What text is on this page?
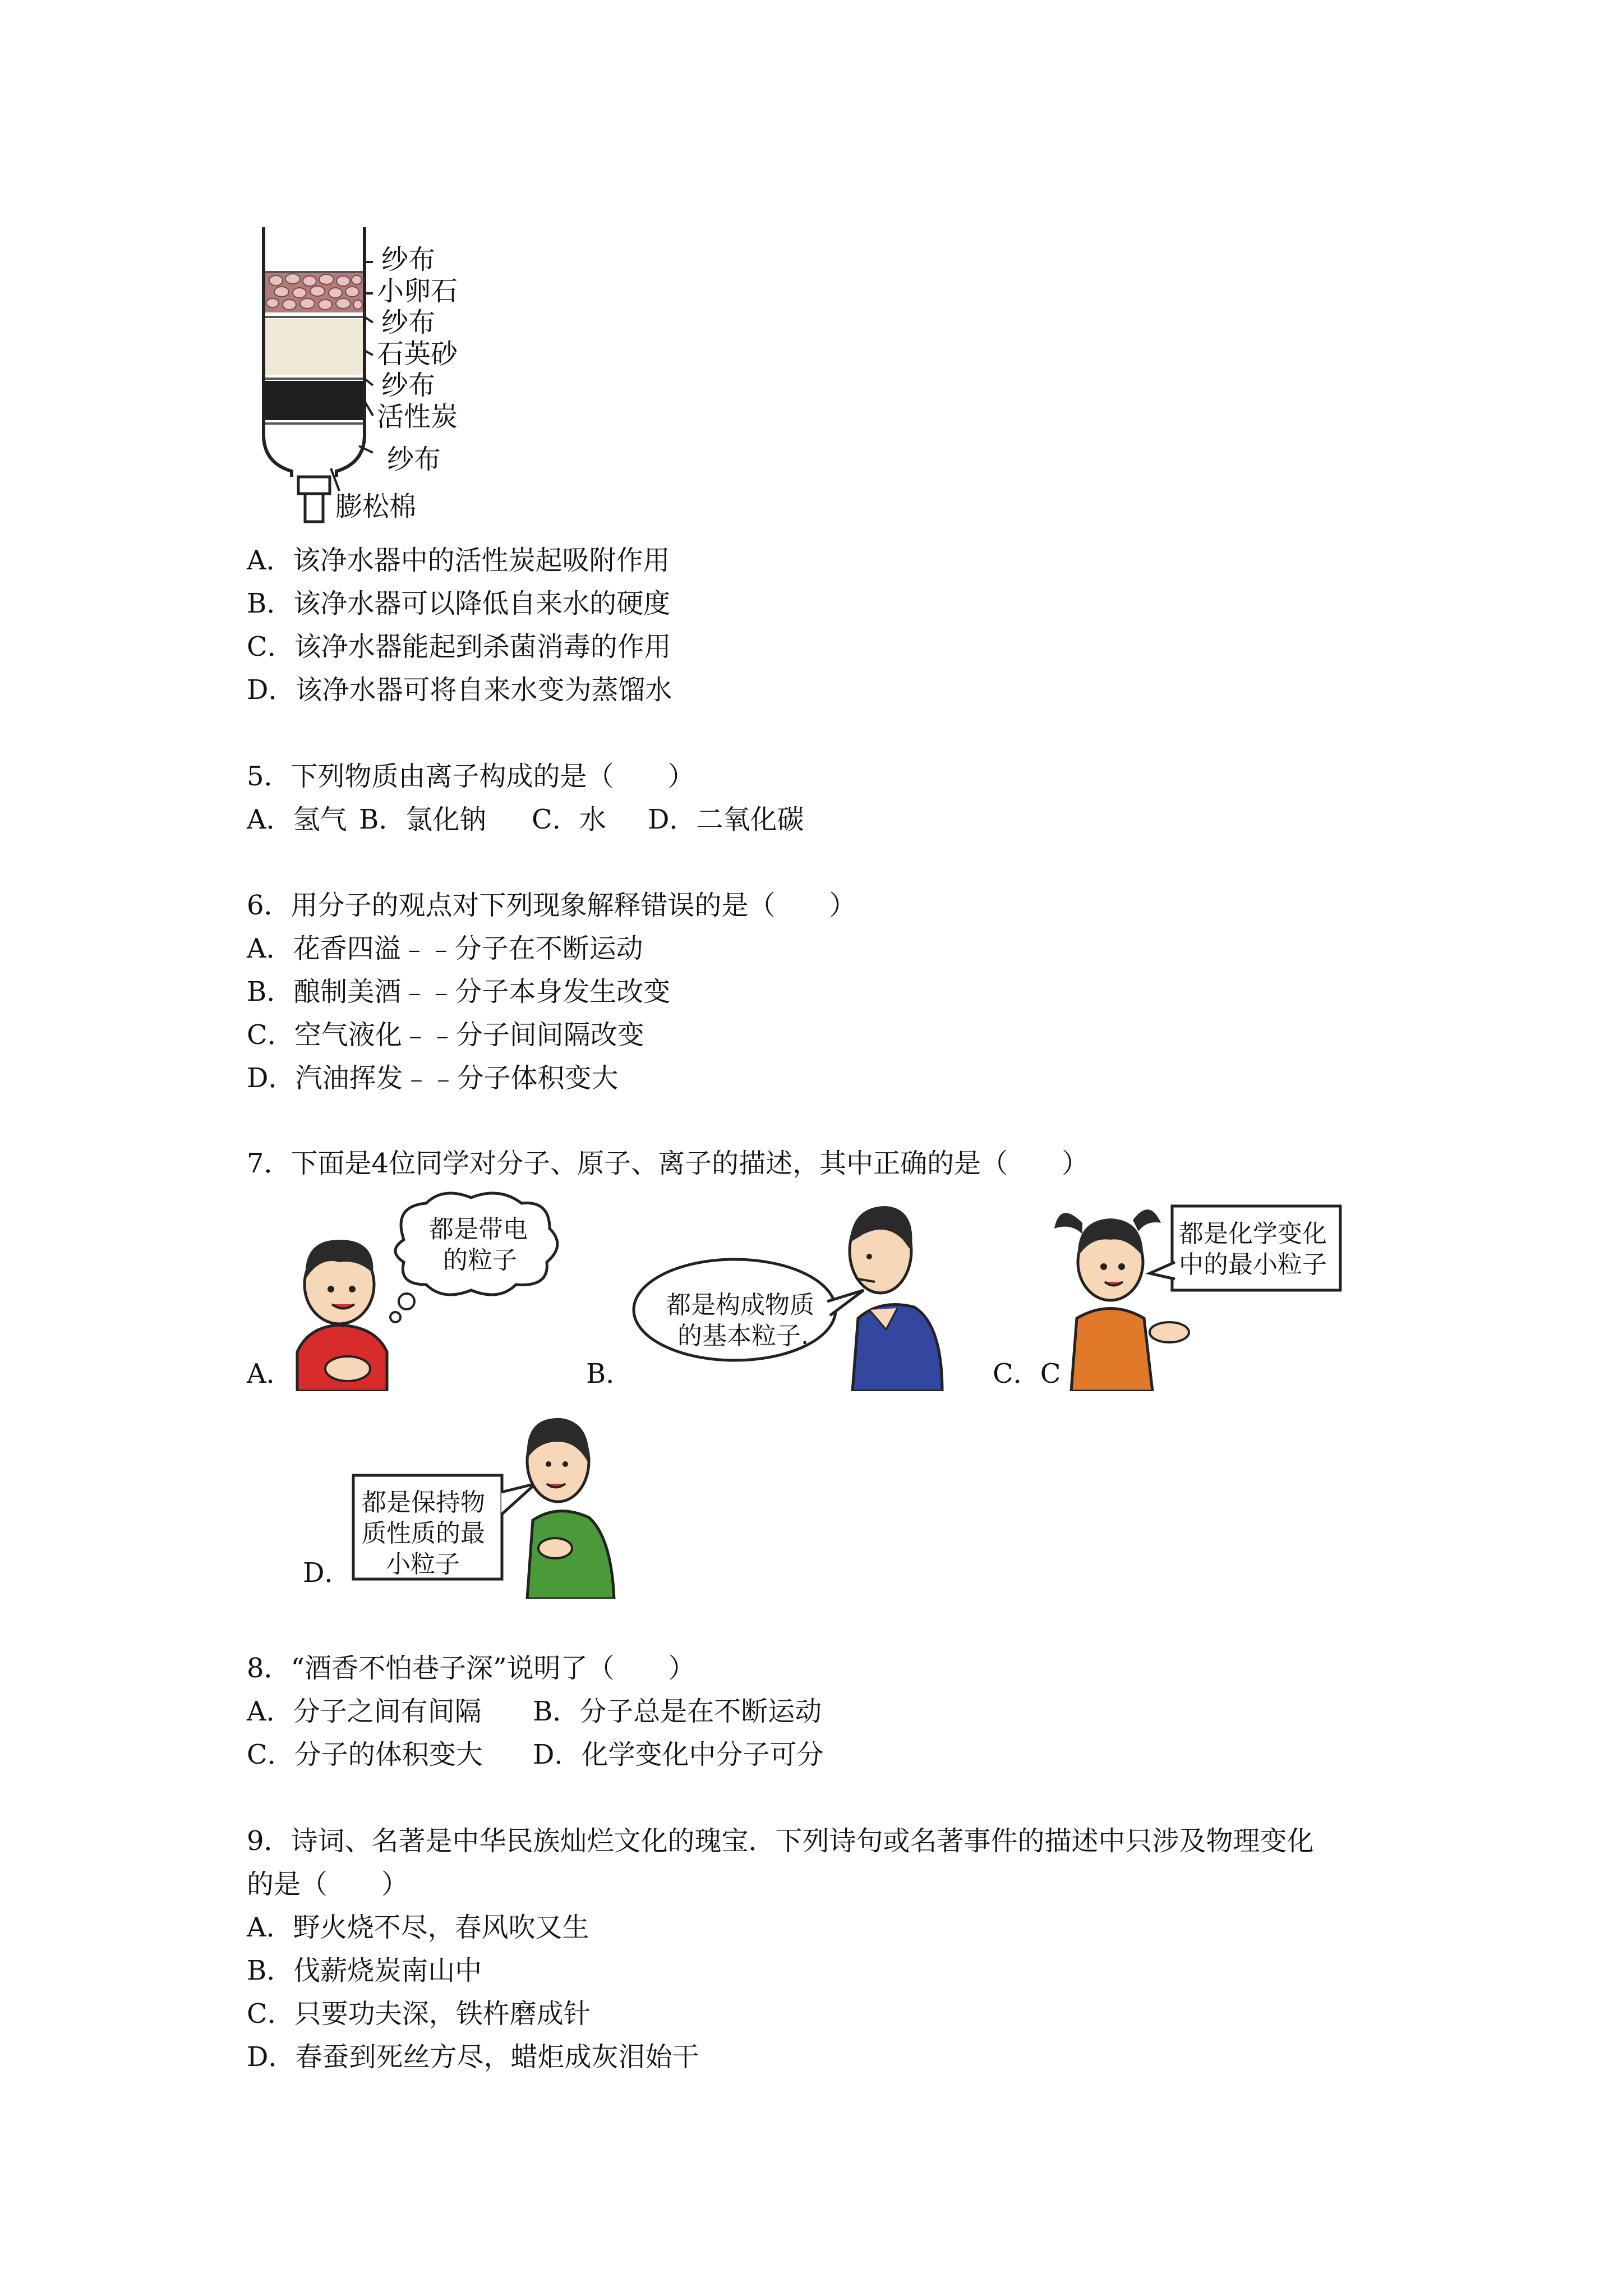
纱布
小卵石
纱布
石英砂
纱布
活性炭
纱布
膨松棉
A．该净水器中的活性炭起吸附作用
B．该净水器可以降低自来水的硬度
C．该净水器能起到杀菌消毒的作用
D．该净水器可将自来水变为蒸馏水
5．下列物质由离子构成的是（　　）
A．氢气 B．氯化钠 C．水 D．二氧化碳
6．用分子的观点对下列现象解释错误的是（　　）
A．花香四溢﹣﹣分子在不断运动
B．酿制美酒﹣﹣分子本身发生改变
C．空气液化﹣﹣分子间间隔改变
D．汽油挥发﹣﹣分子体积变大
7．下面是4位同学对分子、原子、离子的描述，其中正确的是（　　）
都是带电
的粒子
都是构成物质
的基本粒子.
都是化学变化
中的最小粒子
A．	B．	C．C
都是保持物
质性质的最
小粒子
D．
8．“酒香不怕巷子深”说明了（　　）
A．分子之间有间隔 B．分子总是在不断运动
C．分子的体积变大 D．化学变化中分子可分
9．诗词、名著是中华民族灿烂文化的瑰宝．下列诗句或名著事件的描述中只涉及物理变化
的是（　　）
A．野火烧不尽，春风吹又生
B．伐薪烧炭南山中
C．只要功夫深，铁杵磨成针
D．春蚕到死丝方尽，蜡炬成灰泪始干
